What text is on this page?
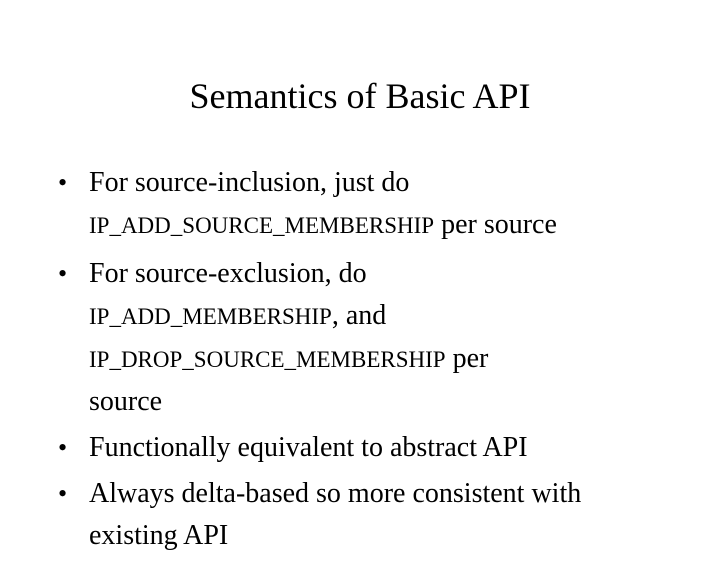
Semantics of Basic API
• For source-inclusion, just do
IP_ADD_SOURCE_MEMBERSHIP per source
• For source-exclusion, do
IP_ADD_MEMBERSHIP, and
IP_DROP_SOURCE_MEMBERSHIP per
source
• Functionally equivalent to abstract API
• Always delta-based so more consistent with
existing API
